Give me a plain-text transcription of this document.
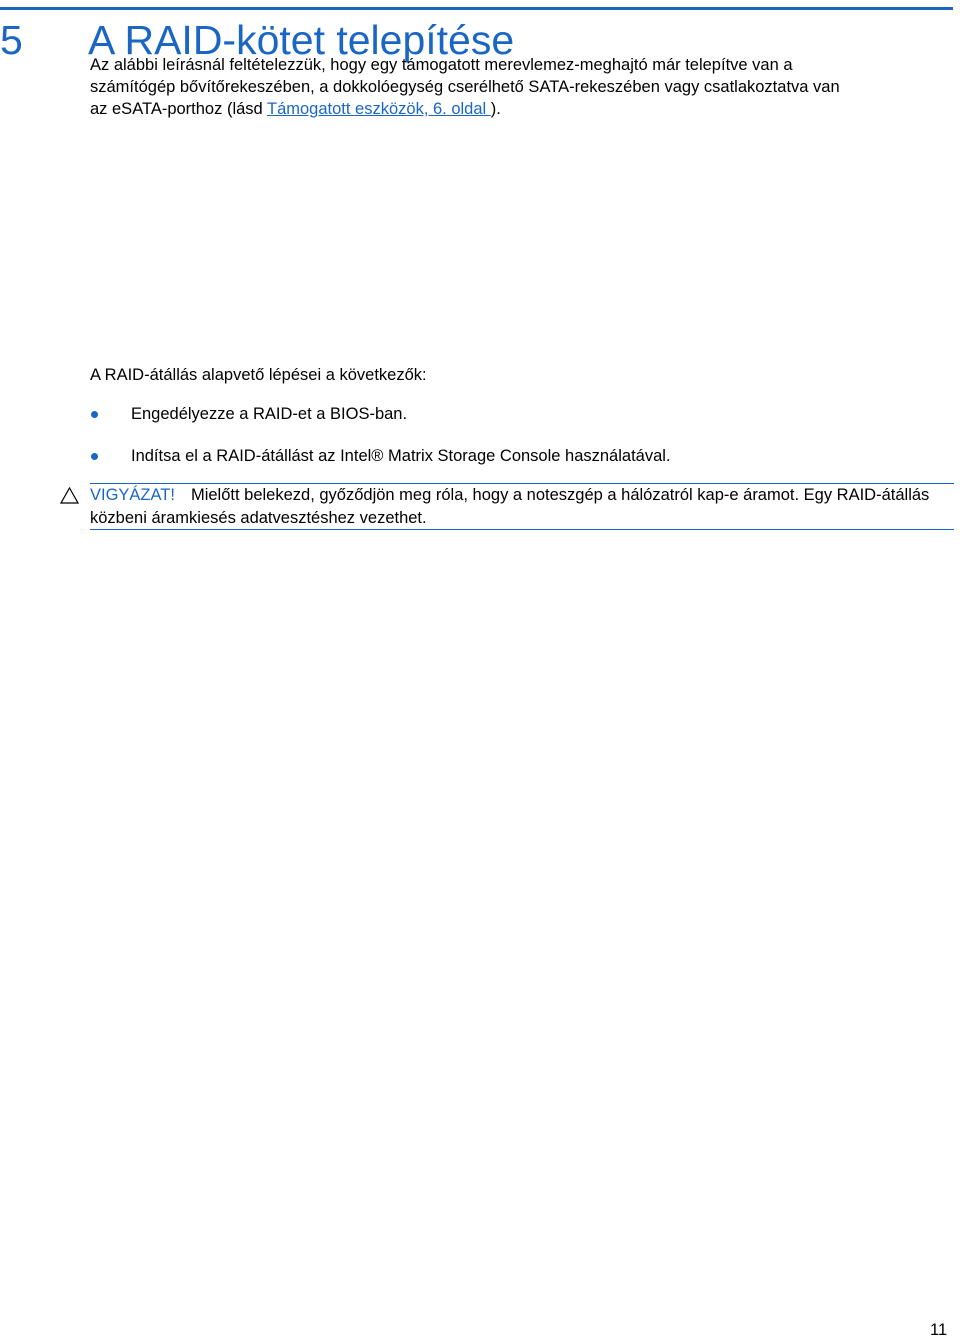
5 A RAID-kötet telepítése

Az alábbi leírásnál feltételezzük, hogy egy támogatott merevlemez-meghajtó már telepítve van a

számítógép bővítőrekeszében, a dokkolóegység cserélhető SATA-rekeszében vagy csatlakoztatva van

az eSATA-porthoz (lásd Támogatott eszközök, 6. oldal ).

A RAID-átállás alapvető lépései a következők:

Engedélyezze a RAID-et a BIOS-ban.
Indítsa el a RAID-átállást az Intel® Matrix Storage Console használatával.

VIGYÁZAT! Mielőtt belekezd, győződjön meg róla, hogy a noteszgép a hálózatról kap-e áramot. Egy RAID-átállás közbeni áramkiesés adatvesztéshez vezethet.

11
